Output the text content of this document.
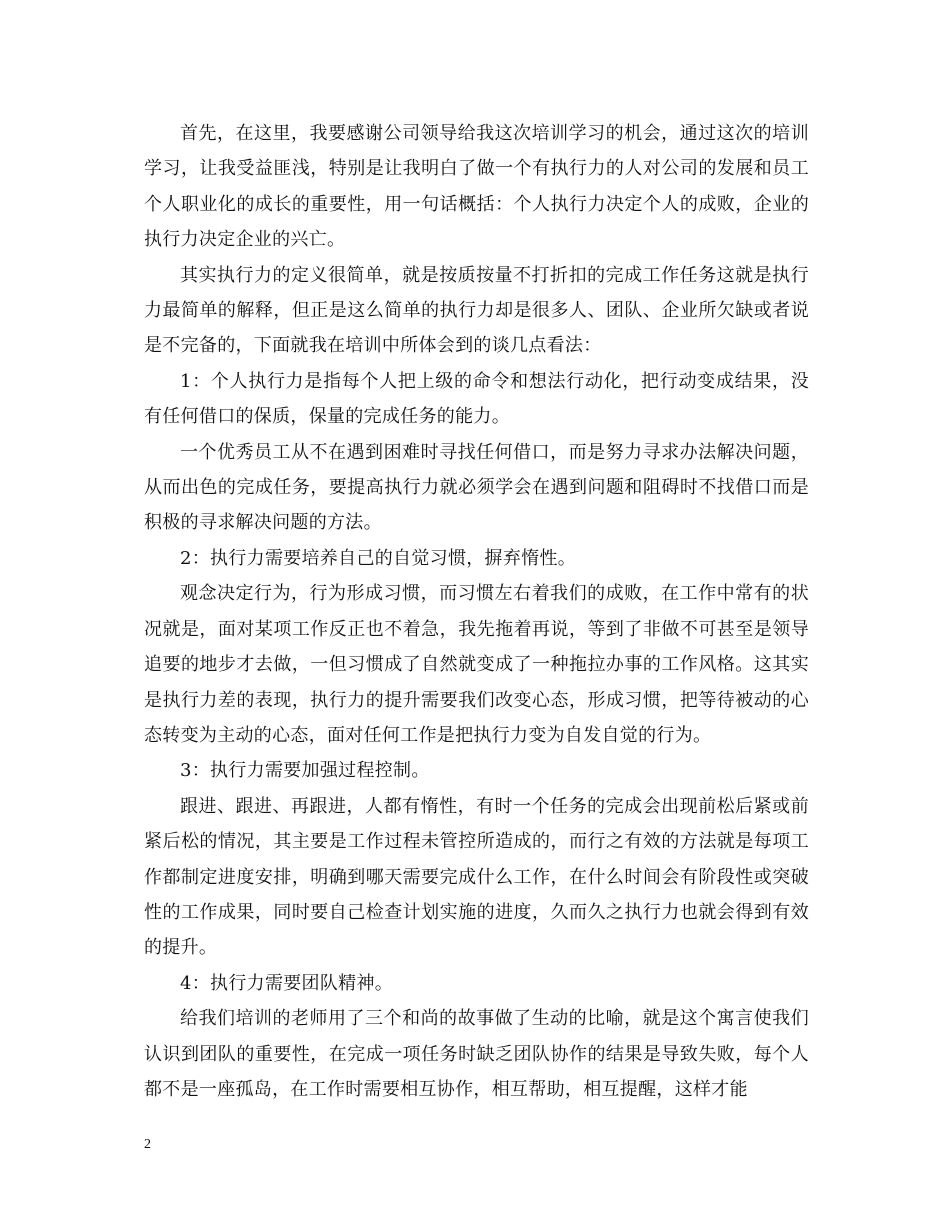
首先，在这里，我要感谢公司领导给我这次培训学习的机会，通过这次的培训学习，让我受益匪浅，特别是让我明白了做一个有执行力的人对公司的发展和员工个人职业化的成长的重要性，用一句话概括：个人执行力决定个人的成败，企业的执行力决定企业的兴亡。

其实执行力的定义很简单，就是按质按量不打折扣的完成工作任务这就是执行力最简单的解释，但正是这么简单的执行力却是很多人、团队、企业所欠缺或者说是不完备的，下面就我在培训中所体会到的谈几点看法：

1：个人执行力是指每个人把上级的命令和想法行动化，把行动变成结果，没有任何借口的保质，保量的完成任务的能力。

一个优秀员工从不在遇到困难时寻找任何借口，而是努力寻求办法解决问题，从而出色的完成任务，要提高执行力就必须学会在遇到问题和阻碍时不找借口而是积极的寻求解决问题的方法。

2：执行力需要培养自己的自觉习惯，摒弃惰性。

观念决定行为，行为形成习惯，而习惯左右着我们的成败，在工作中常有的状况就是，面对某项工作反正也不着急，我先拖着再说，等到了非做不可甚至是领导追要的地步才去做，一但习惯成了自然就变成了一种拖拉办事的工作风格。这其实是执行力差的表现，执行力的提升需要我们改变心态，形成习惯，把等待被动的心态转变为主动的心态，面对任何工作是把执行力变为自发自觉的行为。

3：执行力需要加强过程控制。

跟进、跟进、再跟进，人都有惰性，有时一个任务的完成会出现前松后紧或前紧后松的情况，其主要是工作过程未管控所造成的，而行之有效的方法就是每项工作都制定进度安排，明确到哪天需要完成什么工作，在什么时间会有阶段性或突破性的工作成果，同时要自己检查计划实施的进度，久而久之执行力也就会得到有效的提升。

4：执行力需要团队精神。

给我们培训的老师用了三个和尚的故事做了生动的比喻，就是这个寓言使我们认识到团队的重要性，在完成一项任务时缺乏团队协作的结果是导致失败，每个人都不是一座孤岛，在工作时需要相互协作，相互帮助，相互提醒，这样才能

2
